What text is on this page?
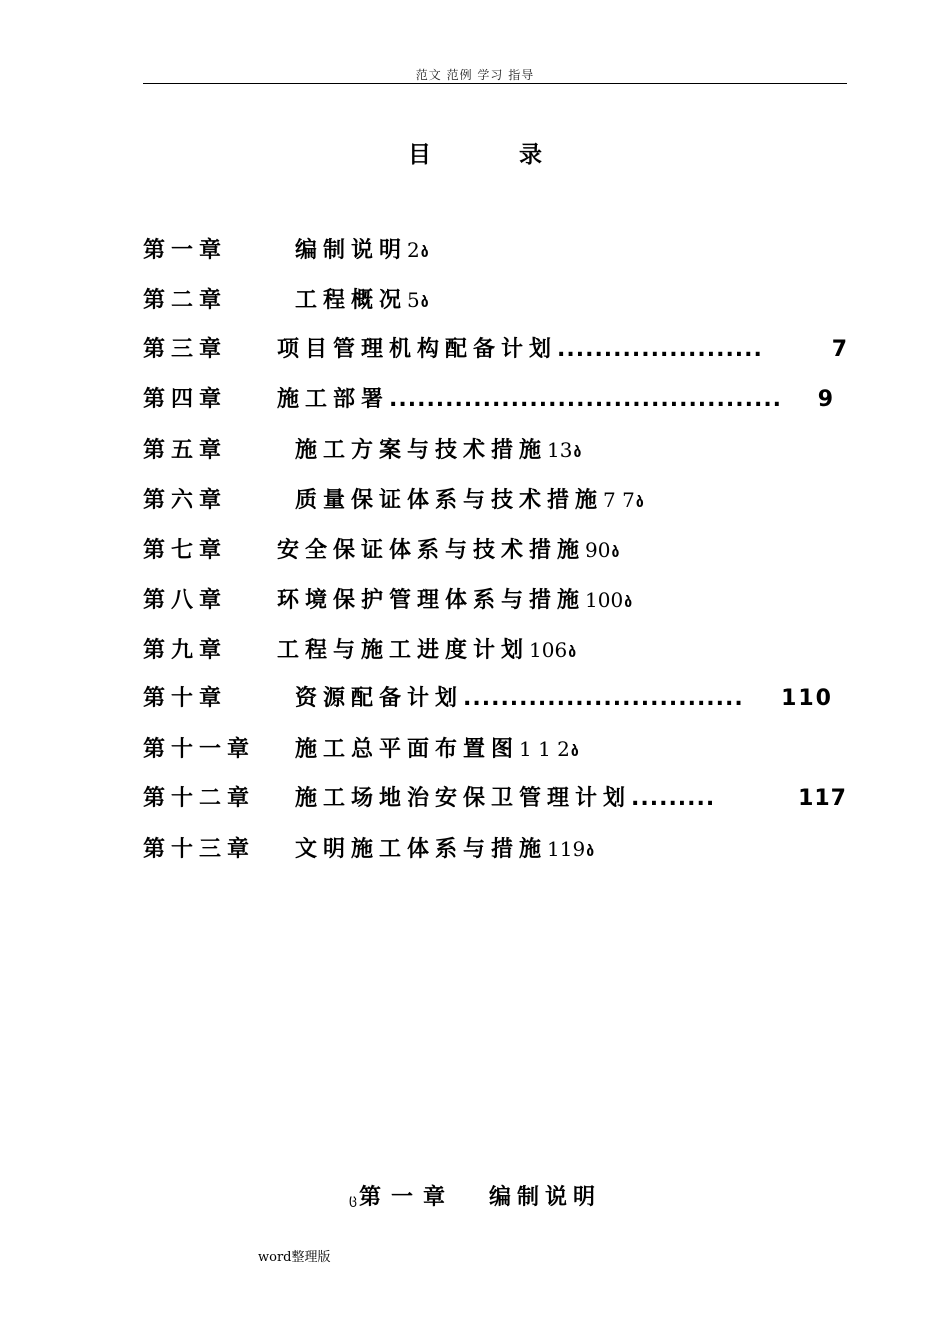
范文 范例 学习 指导
目 录
第一章	编制说明2ბ
第二章	工程概况5ბ
第三章 项目管理机构配备计划......................	7
第四章 施工部署.......................................... 9
第五章	施工方案与技术措施13ბ
第六章	质量保证体系与技术措施7 7ბ
第七章 安全保证体系与技术措施90ბ
第八章 环境保护管理体系与措施100ბ
第九章 工程与施工进度计划106ბ
第十章	资源配备计划.............................. 110
第十一章 施工总平面布置图1 1 2ბ
第十二章 施工场地治安保卫管理计划.........	117
第十三章 文明施工体系与措施119ბ
ც第一章 编制说明
word整理版
